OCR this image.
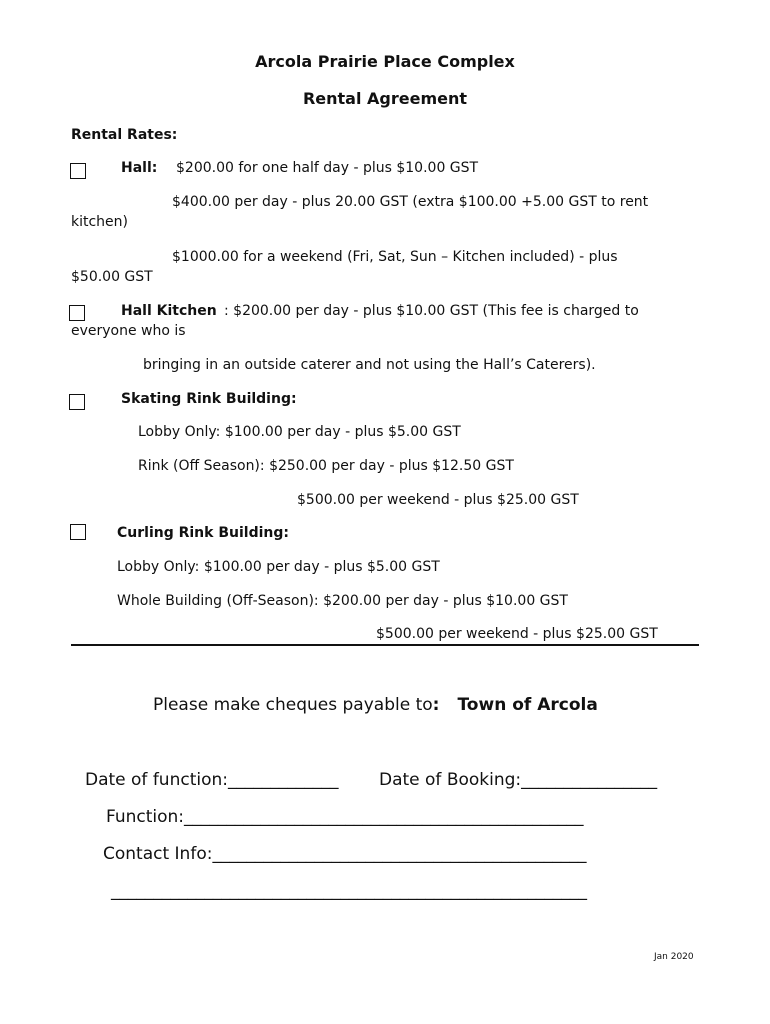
Arcola Prairie Place Complex
Rental Agreement
Rental Rates:
Hall: $200.00 for one half day - plus $10.00 GST
$400.00 per day - plus 20.00 GST (extra $100.00 +5.00 GST to rent
kitchen)
$1000.00 for a weekend (Fri, Sat, Sun – Kitchen included) - plus
$50.00 GST
Hall Kitchen : $200.00 per day - plus $10.00 GST (This fee is charged to
everyone who is
bringing in an outside caterer and not using the Hall’s Caterers).
Skating Rink Building:
Lobby Only: $100.00 per day - plus $5.00 GST
Rink (Off Season): $250.00 per day - plus $12.50 GST
$500.00 per weekend - plus $25.00 GST
Curling Rink Building:
Lobby Only: $100.00 per day - plus $5.00 GST
Whole Building (Off-Season): $200.00 per day - plus $10.00 GST
$500.00 per weekend - plus $25.00 GST
Please make cheques payable to: Town of Arcola
Date of function:_____________ Date of Booking:________________
Function:_______________________________________________
Contact Info:____________________________________________
________________________________________________________
Jan 2020
